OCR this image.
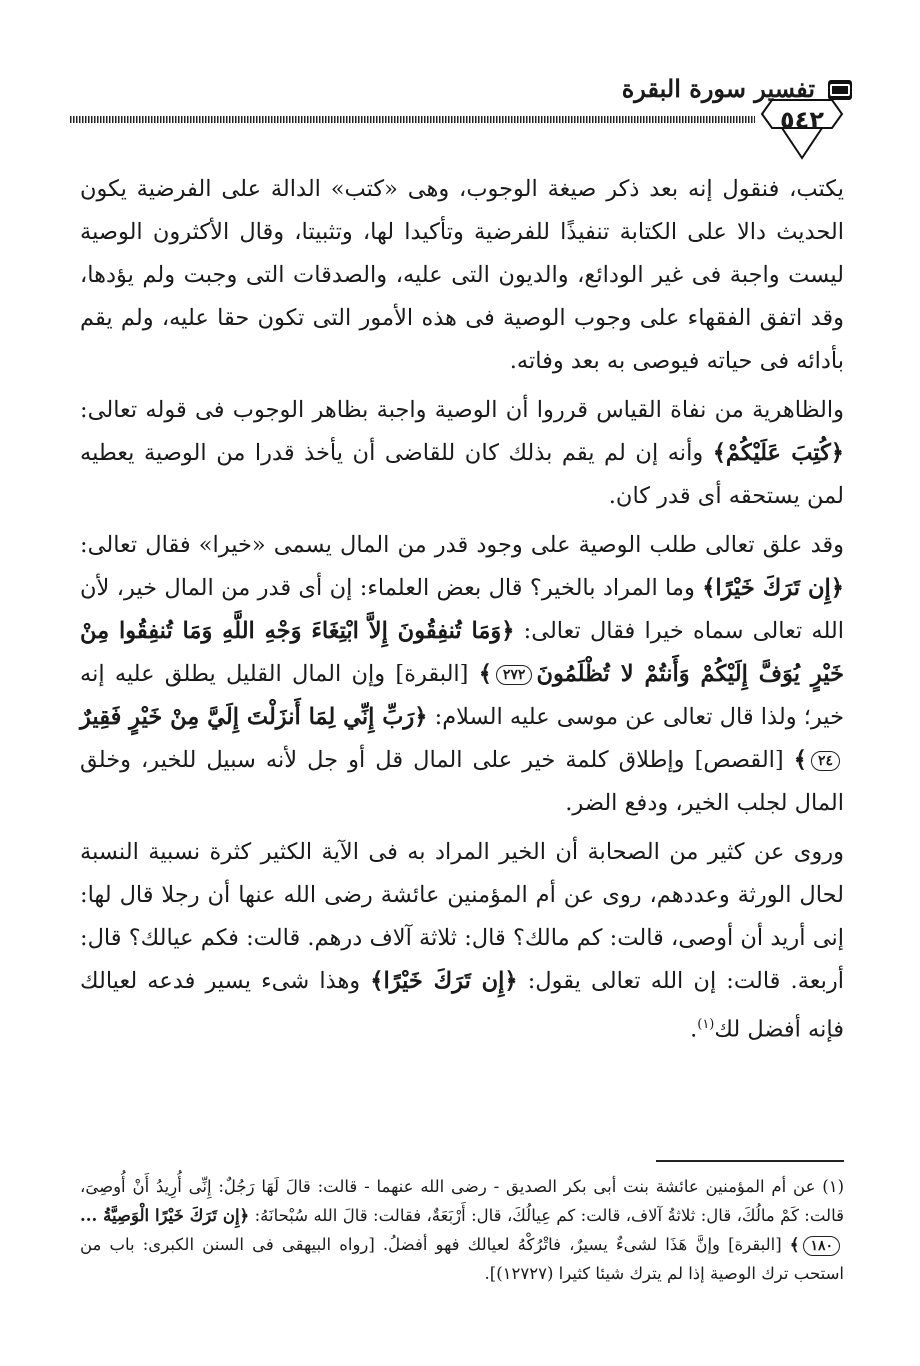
تفسير سورة البقرة
٥٤٢

يكتب، فنقول إنه بعد ذكر صيغة الوجوب، وهى «كتب» الدالة على الفرضية يكون الحديث دالا على الكتابة تنفيذًا للفرضية وتأكيدا لها، وتثبيتا، وقال الأكثرون الوصية ليست واجبة فى غير الودائع، والديون التى عليه، والصدقات التى وجبت ولم يؤدها، وقد اتفق الفقهاء على وجوب الوصية فى هذه الأمور التى تكون حقا عليه، ولم يقم بأدائه فى حياته فيوصى به بعد وفاته.

والظاهرية من نفاة القياس قرروا أن الوصية واجبة بظاهر الوجوب فى قوله تعالى: ﴿كُتِبَ عَلَيْكُمْ﴾ وأنه إن لم يقم بذلك كان للقاضى أن يأخذ قدرا من الوصية يعطيه لمن يستحقه أى قدر كان.

وقد علق تعالى طلب الوصية على وجود قدر من المال يسمى «خيرا» فقال تعالى: ﴿إِن تَرَكَ خَيْرًا﴾ وما المراد بالخير؟ قال بعض العلماء: إن أى قدر من المال خير، لأن الله تعالى سماه خيرا فقال تعالى: ﴿وَمَا تُنفِقُونَ إِلاَّ ابْتِغَاءَ وَجْهِ اللَّهِ وَمَا تُنفِقُوا مِنْ خَيْرٍ يُوَفَّ إِلَيْكُمْ وَأَنتُمْ لا تُظْلَمُونَ٢٧٢﴾ [البقرة] وإن المال القليل يطلق عليه إنه خير؛ ولذا قال تعالى عن موسى عليه السلام: ﴿رَبِّ إِنِّي لِمَا أَنزَلْتَ إِلَيَّ مِنْ خَيْرٍ فَقِيرٌ٢٤﴾ [القصص] وإطلاق كلمة خير على المال قل أو جل لأنه سبيل للخير، وخلق المال لجلب الخير، ودفع الضر.

وروى عن كثير من الصحابة أن الخير المراد به فى الآية الكثير كثرة نسبية النسبة لحال الورثة وعددهم، روى عن أم المؤمنين عائشة رضى الله عنها أن رجلا قال لها: إنى أريد أن أوصى، قالت: كم مالك؟ قال: ثلاثة آلاف درهم. قالت: فكم عيالك؟ قال: أربعة. قالت: إن الله تعالى يقول: ﴿إِن تَرَكَ خَيْرًا﴾ وهذا شىء يسير فدعه لعيالك فإنه أفضل لك$^{(١)}$.

(١) عن أم المؤمنين عائشة بنت أبى بكر الصديق - رضى الله عنهما - قالت: قالَ لَهَا رَجُلٌ: إِنِّى أُرِيدُ أَنْ أُوصِىَ، قالت: كَمْ مالُكَ، قال: ثلاثةُ آلاف، قالت: كم عِيالُكَ، قال: أَرْبَعَةٌ، فقالت: قالَ الله سُبْحانَهُ: ﴿إِن تَرَكَ خَيْرًا الْوَصِيَّةُ ...١٨٠﴾ [البقرة] وإنَّ هَذَا لشىءٌ يسيرٌ، فاتْرُكْهُ لعيالك فهو أفضلُ. [رواه البيهقى فى السنن الكبرى: باب من استحب ترك الوصية إذا لم يترك شيئا كثيرا (١٢٧٢٧)].
